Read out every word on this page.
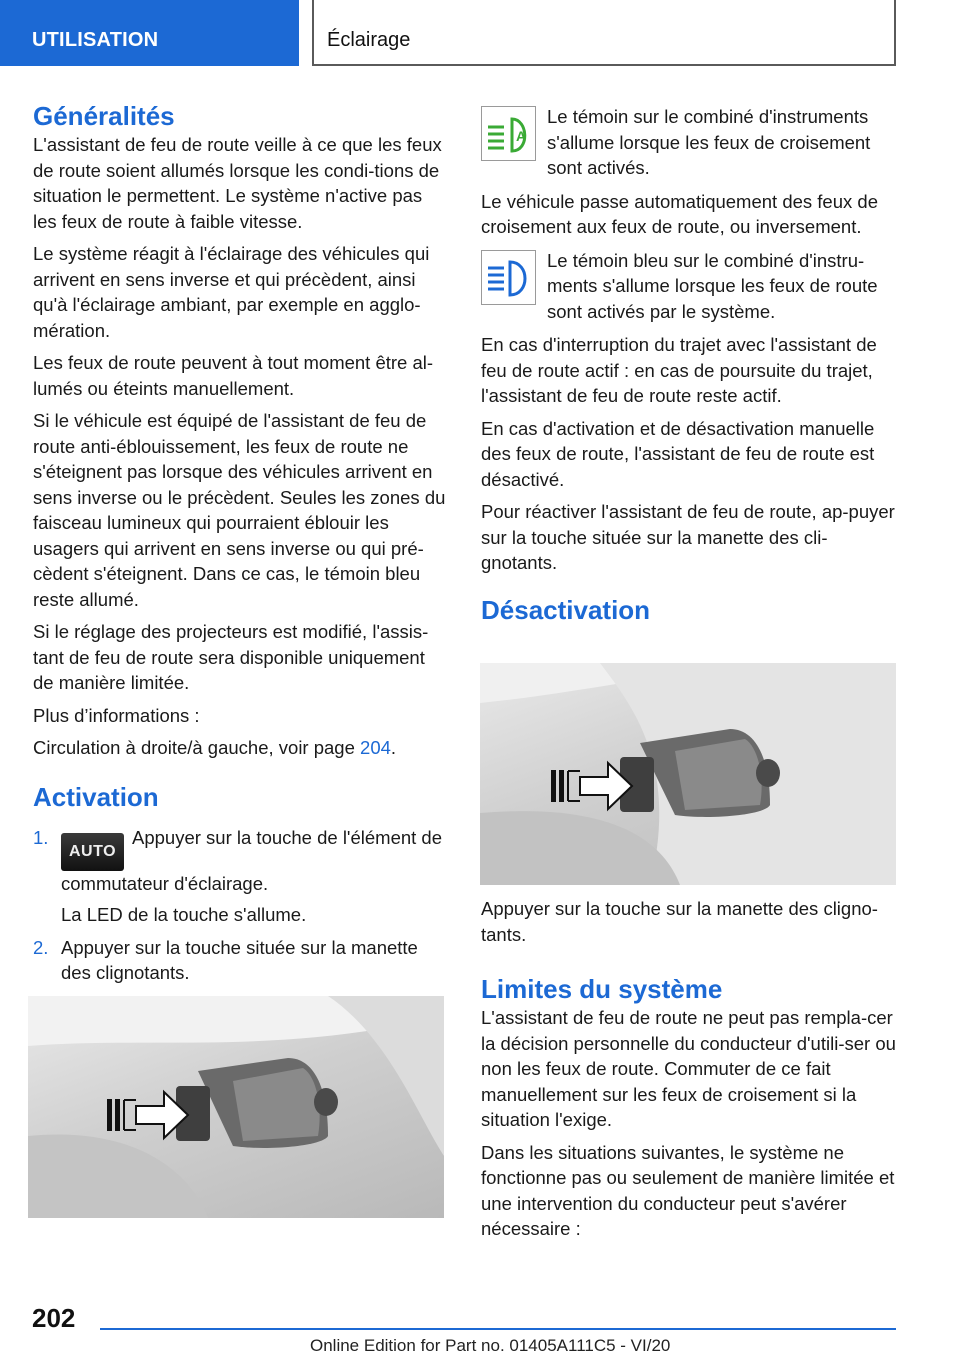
UTILISATION	Éclairage
Généralités

L'assistant de feu de route veille à ce que les feux de route soient allumés lorsque les condi‐tions de situation le permettent. Le système n'active pas les feux de route à faible vitesse.

Le système réagit à l'éclairage des véhicules qui arrivent en sens inverse et qui précèdent, ainsi qu'à l'éclairage ambiant, par exemple en agglo‐mération.

Les feux de route peuvent à tout moment être al‐lumés ou éteints manuellement.

Si le véhicule est équipé de l'assistant de feu de route anti-éblouissement, les feux de route ne s'éteignent pas lorsque des véhicules arrivent en sens inverse ou le précèdent. Seules les zones du faisceau lumineux qui pourraient éblouir les usagers qui arrivent en sens inverse ou qui pré‐cèdent s'éteignent. Dans ce cas, le témoin bleu reste allumé.

Si le réglage des projecteurs est modifié, l'assis‐tant de feu de route sera disponible uniquement de manière limitée.

Plus d’informations :

Circulation à droite/à gauche, voir page 204.

Activation
1.
AUTOAppuyer sur la touche de l'élément de commutateur d'éclairage.

La LED de la touche s'allume.

2. Appuyer sur la touche située sur la manette des clignotants.
A

Le témoin sur le combiné d'instruments s'allume lorsque les feux de croisement sont activés.

Le véhicule passe automatiquement des feux de croisement aux feux de route, ou inversement.

Le témoin bleu sur le combiné d'instru‐ments s'allume lorsque les feux de route sont activés par le système.

En cas d'interruption du trajet avec l'assistant de feu de route actif : en cas de poursuite du trajet, l'assistant de feu de route reste actif.

En cas d'activation et de désactivation manuelle des feux de route, l'assistant de feu de route est désactivé.

Pour réactiver l'assistant de feu de route, ap‐puyer sur la touche située sur la manette des cli‐gnotants.

Désactivation

Appuyer sur la touche sur la manette des cligno‐tants.

Limites du système

L'assistant de feu de route ne peut pas rempla‐cer la décision personnelle du conducteur d'utili‐ser ou non les feux de route. Commuter de ce fait manuellement sur les feux de croisement si la situation l'exige.

Dans les situations suivantes, le système ne fonctionne pas ou seulement de manière limitée et une intervention du conducteur peut s'avérer nécessaire :

202
Online Edition for Part no. 01405A111C5 - VI/20
